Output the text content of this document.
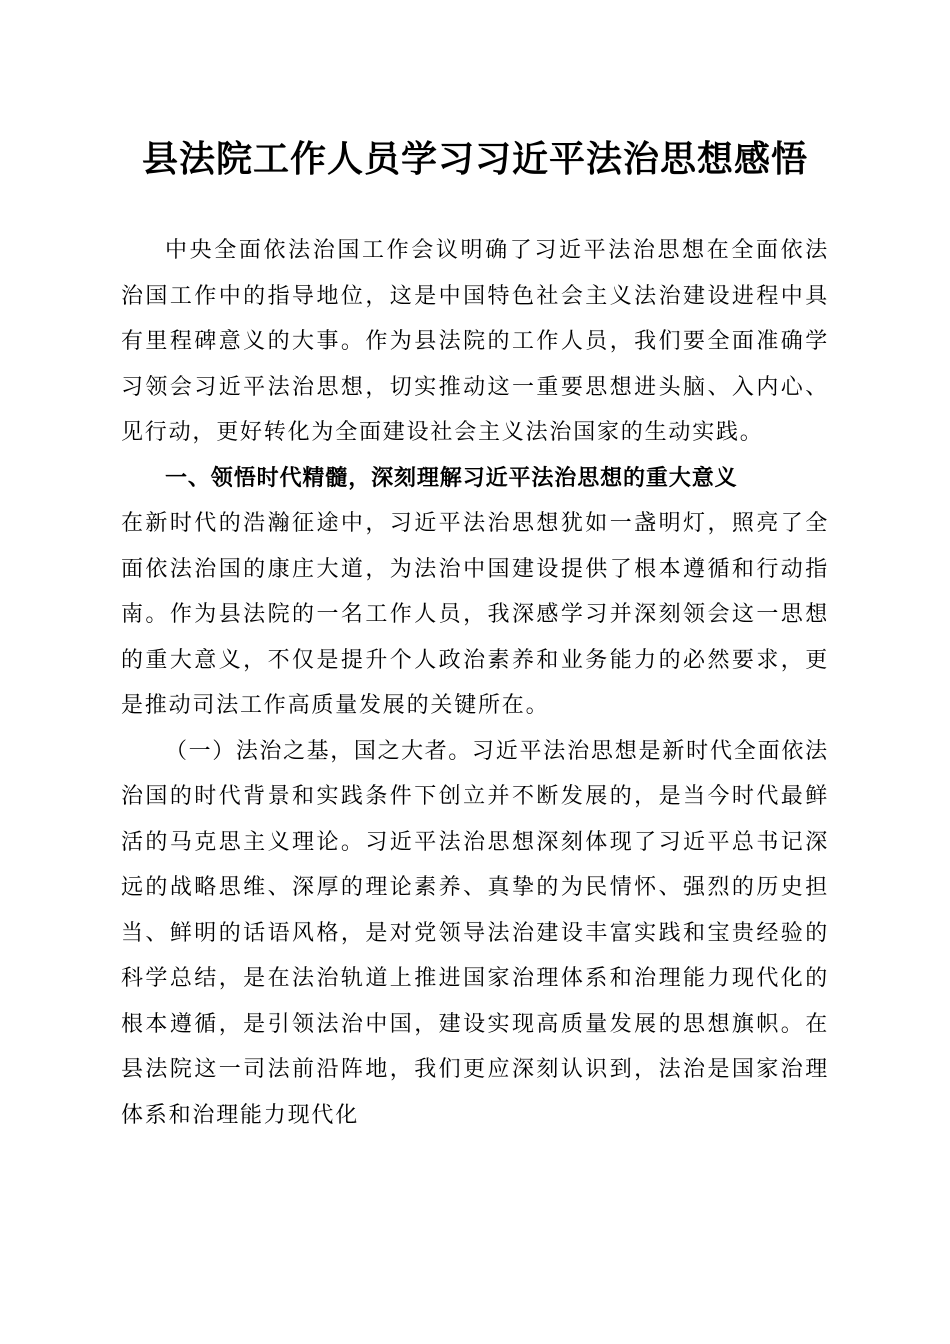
县法院工作人员学习习近平法治思想感悟

中央全面依法治国工作会议明确了习近平法治思想在全面依法治国工作中的指导地位，这是中国特色社会主义法治建设进程中具有里程碑意义的大事。作为县法院的工作人员，我们要全面准确学习领会习近平法治思想，切实推动这一重要思想进头脑、入内心、见行动，更好转化为全面建设社会主义法治国家的生动实践。

一、领悟时代精髓，深刻理解习近平法治思想的重大意义

在新时代的浩瀚征途中，习近平法治思想犹如一盏明灯，照亮了全面依法治国的康庄大道，为法治中国建设提供了根本遵循和行动指南。作为县法院的一名工作人员，我深感学习并深刻领会这一思想的重大意义，不仅是提升个人政治素养和业务能力的必然要求，更是推动司法工作高质量发展的关键所在。

（一）法治之基，国之大者。习近平法治思想是新时代全面依法治国的时代背景和实践条件下创立并不断发展的，是当今时代最鲜活的马克思主义理论。习近平法治思想深刻体现了习近平总书记深远的战略思维、深厚的理论素养、真挚的为民情怀、强烈的历史担当、鲜明的话语风格，是对党领导法治建设丰富实践和宝贵经验的科学总结，是在法治轨道上推进国家治理体系和治理能力现代化的根本遵循，是引领法治中国，建设实现高质量发展的思想旗帜。在县法院这一司法前沿阵地，我们更应深刻认识到，法治是国家治理体系和治理能力现代化
